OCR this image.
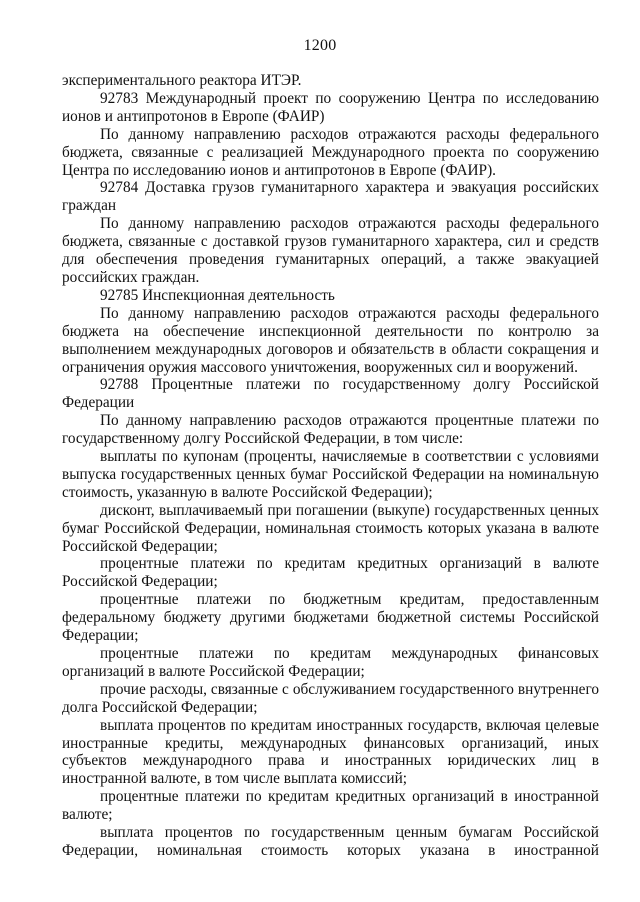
1200

экспериментального реактора ИТЭР.

92783 Международный проект по сооружению Центра по исследованию ионов и антипротонов в Европе (ФАИР)

По данному направлению расходов отражаются расходы федерального бюджета, связанные с реализацией Международного проекта по сооружению Центра по исследованию ионов и антипротонов в Европе (ФАИР).

92784 Доставка грузов гуманитарного характера и эвакуация российских граждан

По данному направлению расходов отражаются расходы федерального бюджета, связанные с доставкой грузов гуманитарного характера, сил и средств для обеспечения проведения гуманитарных операций, а также эвакуацией российских граждан.

92785 Инспекционная деятельность

По данному направлению расходов отражаются расходы федерального бюджета на обеспечение инспекционной деятельности по контролю за выполнением международных договоров и обязательств в области сокращения и ограничения оружия массового уничтожения, вооруженных сил и вооружений.

92788 Процентные платежи по государственному долгу Российской Федерации

По данному направлению расходов отражаются процентные платежи по государственному долгу Российской Федерации, в том числе:

выплаты по купонам (проценты, начисляемые в соответствии с условиями выпуска государственных ценных бумаг Российской Федерации на номинальную стоимость, указанную в валюте Российской Федерации);

дисконт, выплачиваемый при погашении (выкупе) государственных ценных бумаг Российской Федерации, номинальная стоимость которых указана в валюте Российской Федерации;

процентные платежи по кредитам кредитных организаций в валюте Российской Федерации;

процентные платежи по бюджетным кредитам, предоставленным федеральному бюджету другими бюджетами бюджетной системы Российской Федерации;

процентные платежи по кредитам международных финансовых организаций в валюте Российской Федерации;

прочие расходы, связанные с обслуживанием государственного внутреннего долга Российской Федерации;

выплата процентов по кредитам иностранных государств, включая целевые иностранные кредиты, международных финансовых организаций, иных субъектов международного права и иностранных юридических лиц в иностранной валюте, в том числе выплата комиссий;

процентные платежи по кредитам кредитных организаций в иностранной валюте;

выплата процентов по государственным ценным бумагам Российской Федерации, номинальная стоимость которых указана в иностранной
